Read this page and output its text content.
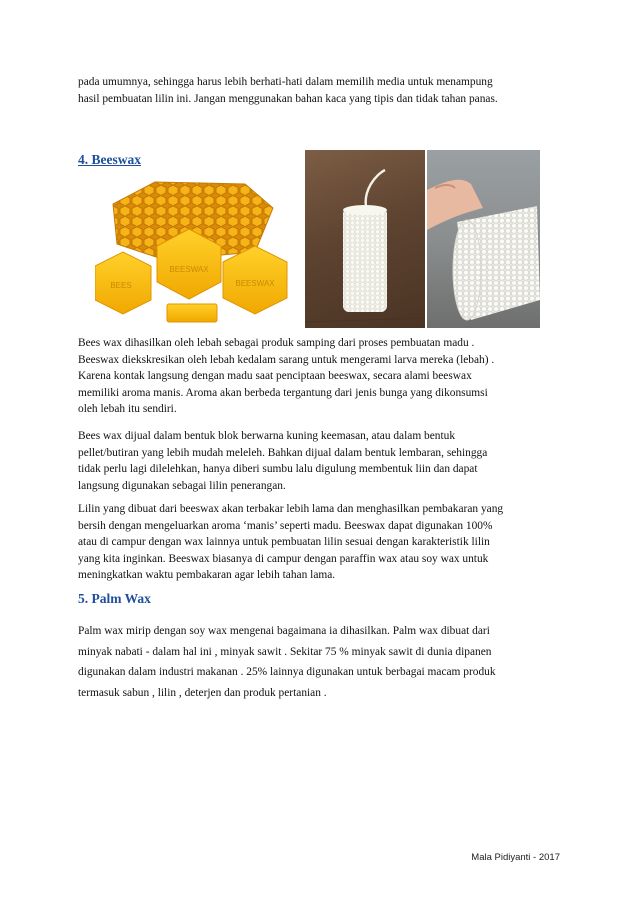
pada umumnya, sehingga harus lebih berhati-hati dalam memilih media untuk menampung
hasil pembuatan lilin ini. Jangan menggunakan bahan kaca yang tipis dan tidak tahan panas.

4. Beeswax
BEESWAX
BEES	BEESWAX

Bees wax dihasilkan oleh lebah sebagai produk samping dari proses pembuatan madu .
Beeswax diekskresikan oleh lebah kedalam sarang untuk mengerami larva mereka (lebah) .
Karena kontak langsung dengan madu saat penciptaan beeswax, secara alami beeswax
memiliki aroma manis. Aroma akan berbeda tergantung dari jenis bunga yang dikonsumsi
oleh lebah itu sendiri.

Bees wax dijual dalam bentuk blok berwarna kuning keemasan, atau dalam bentuk
pellet/butiran yang lebih mudah meleleh. Bahkan dijual dalam bentuk lembaran, sehingga
tidak perlu lagi dilelehkan, hanya diberi sumbu lalu digulung membentuk liin dan dapat
langsung digunakan sebagai lilin penerangan.

Lilin yang dibuat dari beeswax akan terbakar lebih lama dan menghasilkan pembakaran yang
bersih dengan mengeluarkan aroma ‘manis’ seperti madu. Beeswax dapat digunakan 100%
atau di campur dengan wax lainnya untuk pembuatan lilin sesuai dengan karakteristik lilin
yang kita inginkan. Beeswax biasanya di campur dengan paraffin wax atau soy wax untuk
meningkatkan waktu pembakaran agar lebih tahan lama.

5. Palm Wax

Palm wax mirip dengan soy wax mengenai bagaimana ia dihasilkan. Palm wax dibuat dari
minyak nabati - dalam hal ini , minyak sawit . Sekitar 75 % minyak sawit di dunia dipanen
digunakan dalam industri makanan . 25% lainnya digunakan untuk berbagai macam produk
termasuk sabun , lilin , deterjen dan produk pertanian .

Mala Pidiyanti - 2017
